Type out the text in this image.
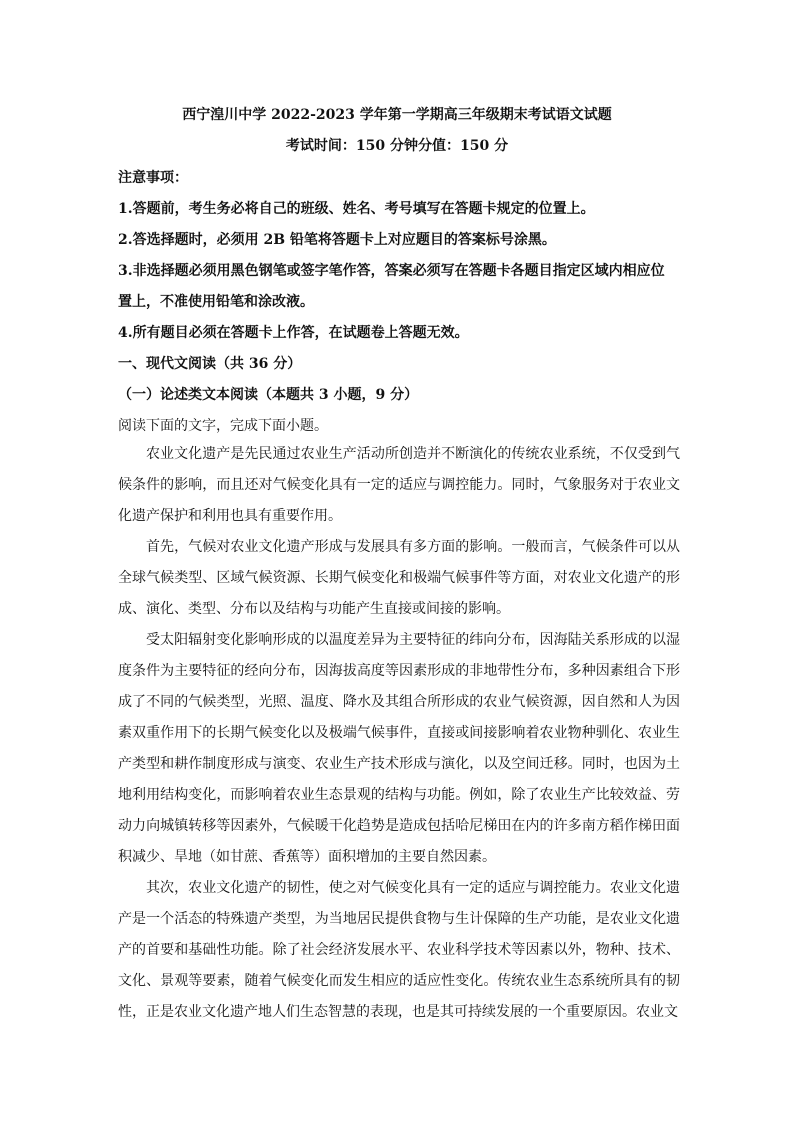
西宁湟川中学 2022-2023 学年第一学期高三年级期末考试语文试题
考试时间：150 分钟分值：150 分
注意事项：
1.答题前，考生务必将自己的班级、姓名、考号填写在答题卡规定的位置上。
2.答选择题时，必须用 2B 铅笔将答题卡上对应题目的答案标号涂黑。
3.非选择题必须用黑色钢笔或签字笔作答，答案必须写在答题卡各题目指定区域内相应位
置上，不准使用铅笔和涂改液。
4.所有题目必须在答题卡上作答，在试题卷上答题无效。
一、现代文阅读（共 36 分）
（一）论述类文本阅读（本题共 3 小题，9 分）
阅读下面的文字，完成下面小题。

农业文化遗产是先民通过农业生产活动所创造并不断演化的传统农业系统，不仅受到气候条件的影响，而且还对气候变化具有一定的适应与调控能力。同时，气象服务对于农业文化遗产保护和利用也具有重要作用。

首先，气候对农业文化遗产形成与发展具有多方面的影响。一般而言，气候条件可以从全球气候类型、区域气候资源、长期气候变化和极端气候事件等方面，对农业文化遗产的形成、演化、类型、分布以及结构与功能产生直接或间接的影响。

受太阳辐射变化影响形成的以温度差异为主要特征的纬向分布，因海陆关系形成的以湿度条件为主要特征的经向分布，因海拔高度等因素形成的非地带性分布，多种因素组合下形成了不同的气候类型，光照、温度、降水及其组合所形成的农业气候资源，因自然和人为因素双重作用下的长期气候变化以及极端气候事件，直接或间接影响着农业物种驯化、农业生产类型和耕作制度形成与演变、农业生产技术形成与演化，以及空间迁移。同时，也因为土地利用结构变化，而影响着农业生态景观的结构与功能。例如，除了农业生产比较效益、劳动力向城镇转移等因素外，气候暖干化趋势是造成包括哈尼梯田在内的许多南方稻作梯田面积减少、旱地（如甘蔗、香蕉等）面积增加的主要自然因素。

其次，农业文化遗产的韧性，使之对气候变化具有一定的适应与调控能力。农业文化遗产是一个活态的特殊遗产类型，为当地居民提供食物与生计保障的生产功能，是农业文化遗产的首要和基础性功能。除了社会经济发展水平、农业科学技术等因素以外，物种、技术、文化、景观等要素，随着气候变化而发生相应的适应性变化。传统农业生态系统所具有的韧性，正是农业文化遗产地人们生态智慧的表现，也是其可持续发展的一个重要原因。农业文
